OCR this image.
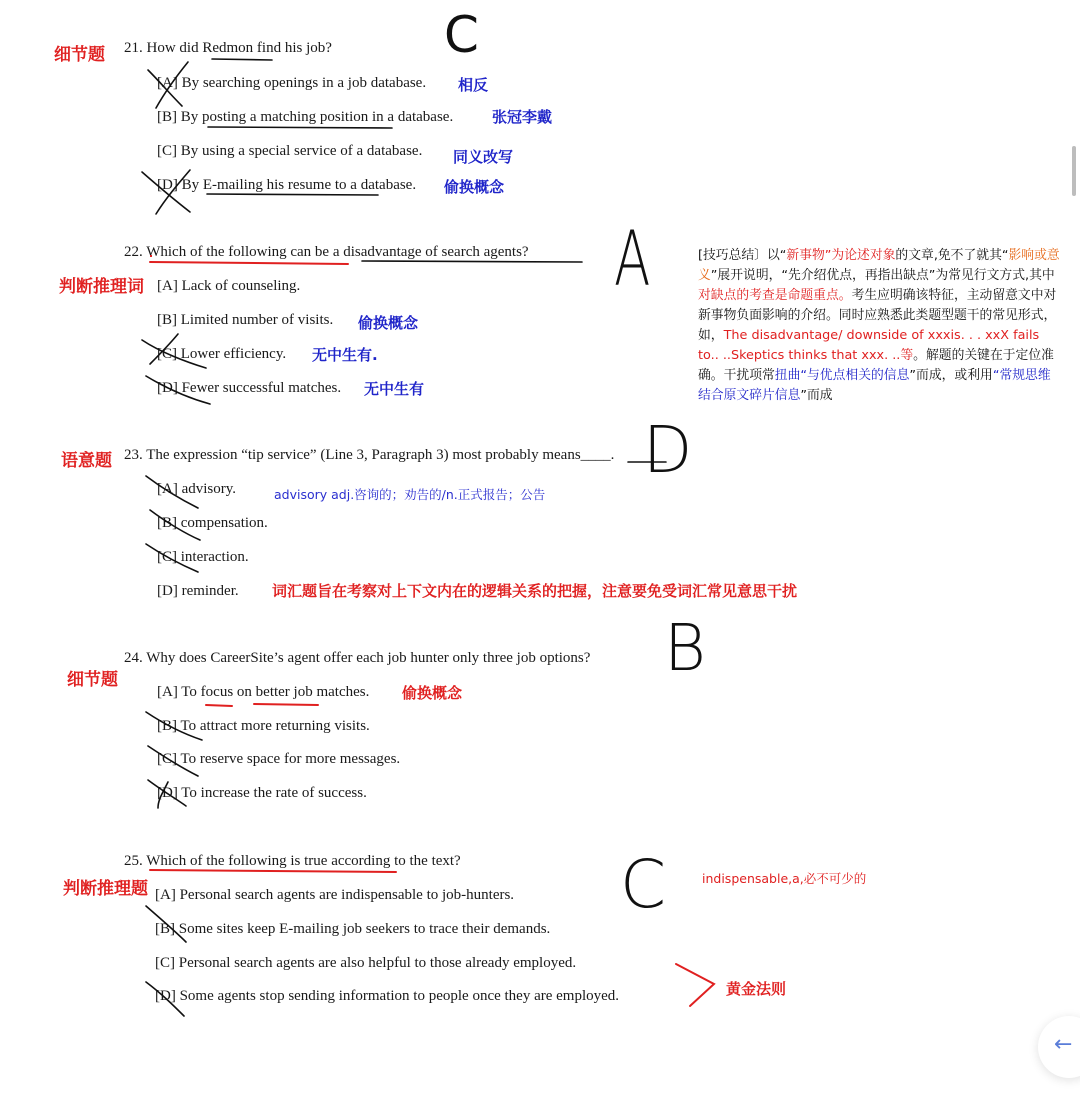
细节题 21. How did Redmon find his job? C
[A] By searching openings in a job database. 相反
[B] By posting a matching position in a database.	张冠李戴
[C] By using a special service of a database. 同义改写
[D] By E-mailing his resume to a database. 偷换概念
22. Which of the following can be a disadvantage of search agents?
判断推理词	A
[A] Lack of counseling.
[B] Limited number of visits. 偷换概念
[C] Lower efficiency. 无中生有.
[D] Fewer successful matches. 无中生有
[技巧总结〕以“新事物”为论述对象的文章,免不了就其“影响或意义”展开说明，“先介绍优点，再指出缺点”为常见行文方式,其中对缺点的考查是命题重点。考生应明确该特征，主动留意文中对新事物负面影响的介绍。同时应熟悉此类题型题干的常见形式，如，The disadvantage/ downside of xxxis. . . xxX fails to.. ..Skeptics thinks that xxx. ..等。解题的关键在于定位准确。干扰项常扭曲“与优点相关的信息”而成，或利用“常规思维结合原文碎片信息”而成
语意题 23. The expression “tip service” (Line 3, Paragraph 3) most probably means____. D
[A] advisory.	advisory adj.咨询的；劝告的/n.正式报告；公告
[B] compensation.
[C] interaction.
[D] reminder. 词汇题旨在考察对上下文内在的逻辑关系的把握，注意要免受词汇常见意思干扰
24. Why does CareerSite’s agent offer each job hunter only three job options?
细节题	B
[A] To focus on better job matches. 偷换概念
[B] To attract more returning visits.
[C] To reserve space for more messages.
[D] To increase the rate of success.
25. Which of the following is true according to the text?
判断推理题	C
[A] Personal search agents are indispensable to job-hunters.
indispensable,a,必不可少的
[B] Some sites keep E-mailing job seekers to trace their demands.
[C] Personal search agents are also helpful to those already employed.
[D] Some agents stop sending information to people once they are employed.	黄金法则
←
